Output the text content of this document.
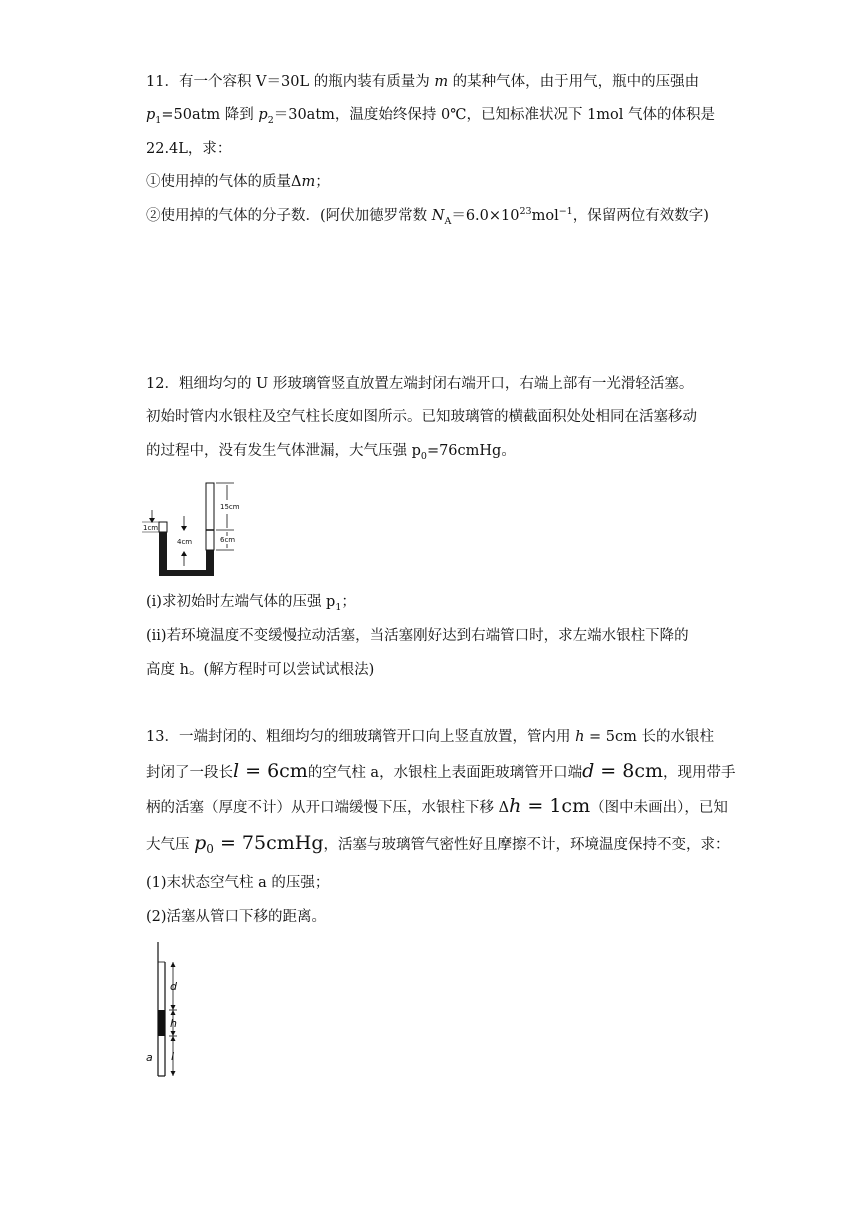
11．有一个容积 V＝30L 的瓶内装有质量为 m 的某种气体，由于用气，瓶中的压强由
$p_1=50atm$ 降到 $p_2=30atm$，温度始终保持 0℃，已知标准状况下 1mol 气体的体积是
22.4L，求：
①使用掉的气体的质量Δm；
②使用掉的气体的分子数．(阿伏加德罗常数 $N_A=6.0\times 10^{23}mol^{-1}$，保留两位有效数字)
12．粗细均匀的 U 形玻璃管竖直放置左端封闭右端开口，右端上部有一光滑轻活塞。
初始时管内水银柱及空气柱长度如图所示。已知玻璃管的横截面积处处相同在活塞移动
的过程中，没有发生气体泄漏，大气压强 $p_0=76cmHg$。
15cm
6cm
4cm
1cm
(i)求初始时左端气体的压强 $p_1$；
(ⅱ)若环境温度不变缓慢拉动活塞，当活塞刚好达到右端管口时，求左端水银柱下降的
高度 h。(解方程时可以尝试试根法)
13．一端封闭的、粗细均匀的细玻璃管开口向上竖直放置，管内用 h = 5cm 长的水银柱
封闭了一段长l = 6cm的空气柱 a，水银柱上表面距玻璃管开口端d = 8cm，现用带手
柄的活塞（厚度不计）从开口端缓慢下压，水银柱下移 Δh = 1cm（图中未画出），已知
大气压 $p_0$ = 75cmHg，活塞与玻璃管气密性好且摩擦不计，环境温度保持不变，求：
(1)末状态空气柱 a 的压强；
(2)活塞从管口下移的距离。
d
h
l
a
